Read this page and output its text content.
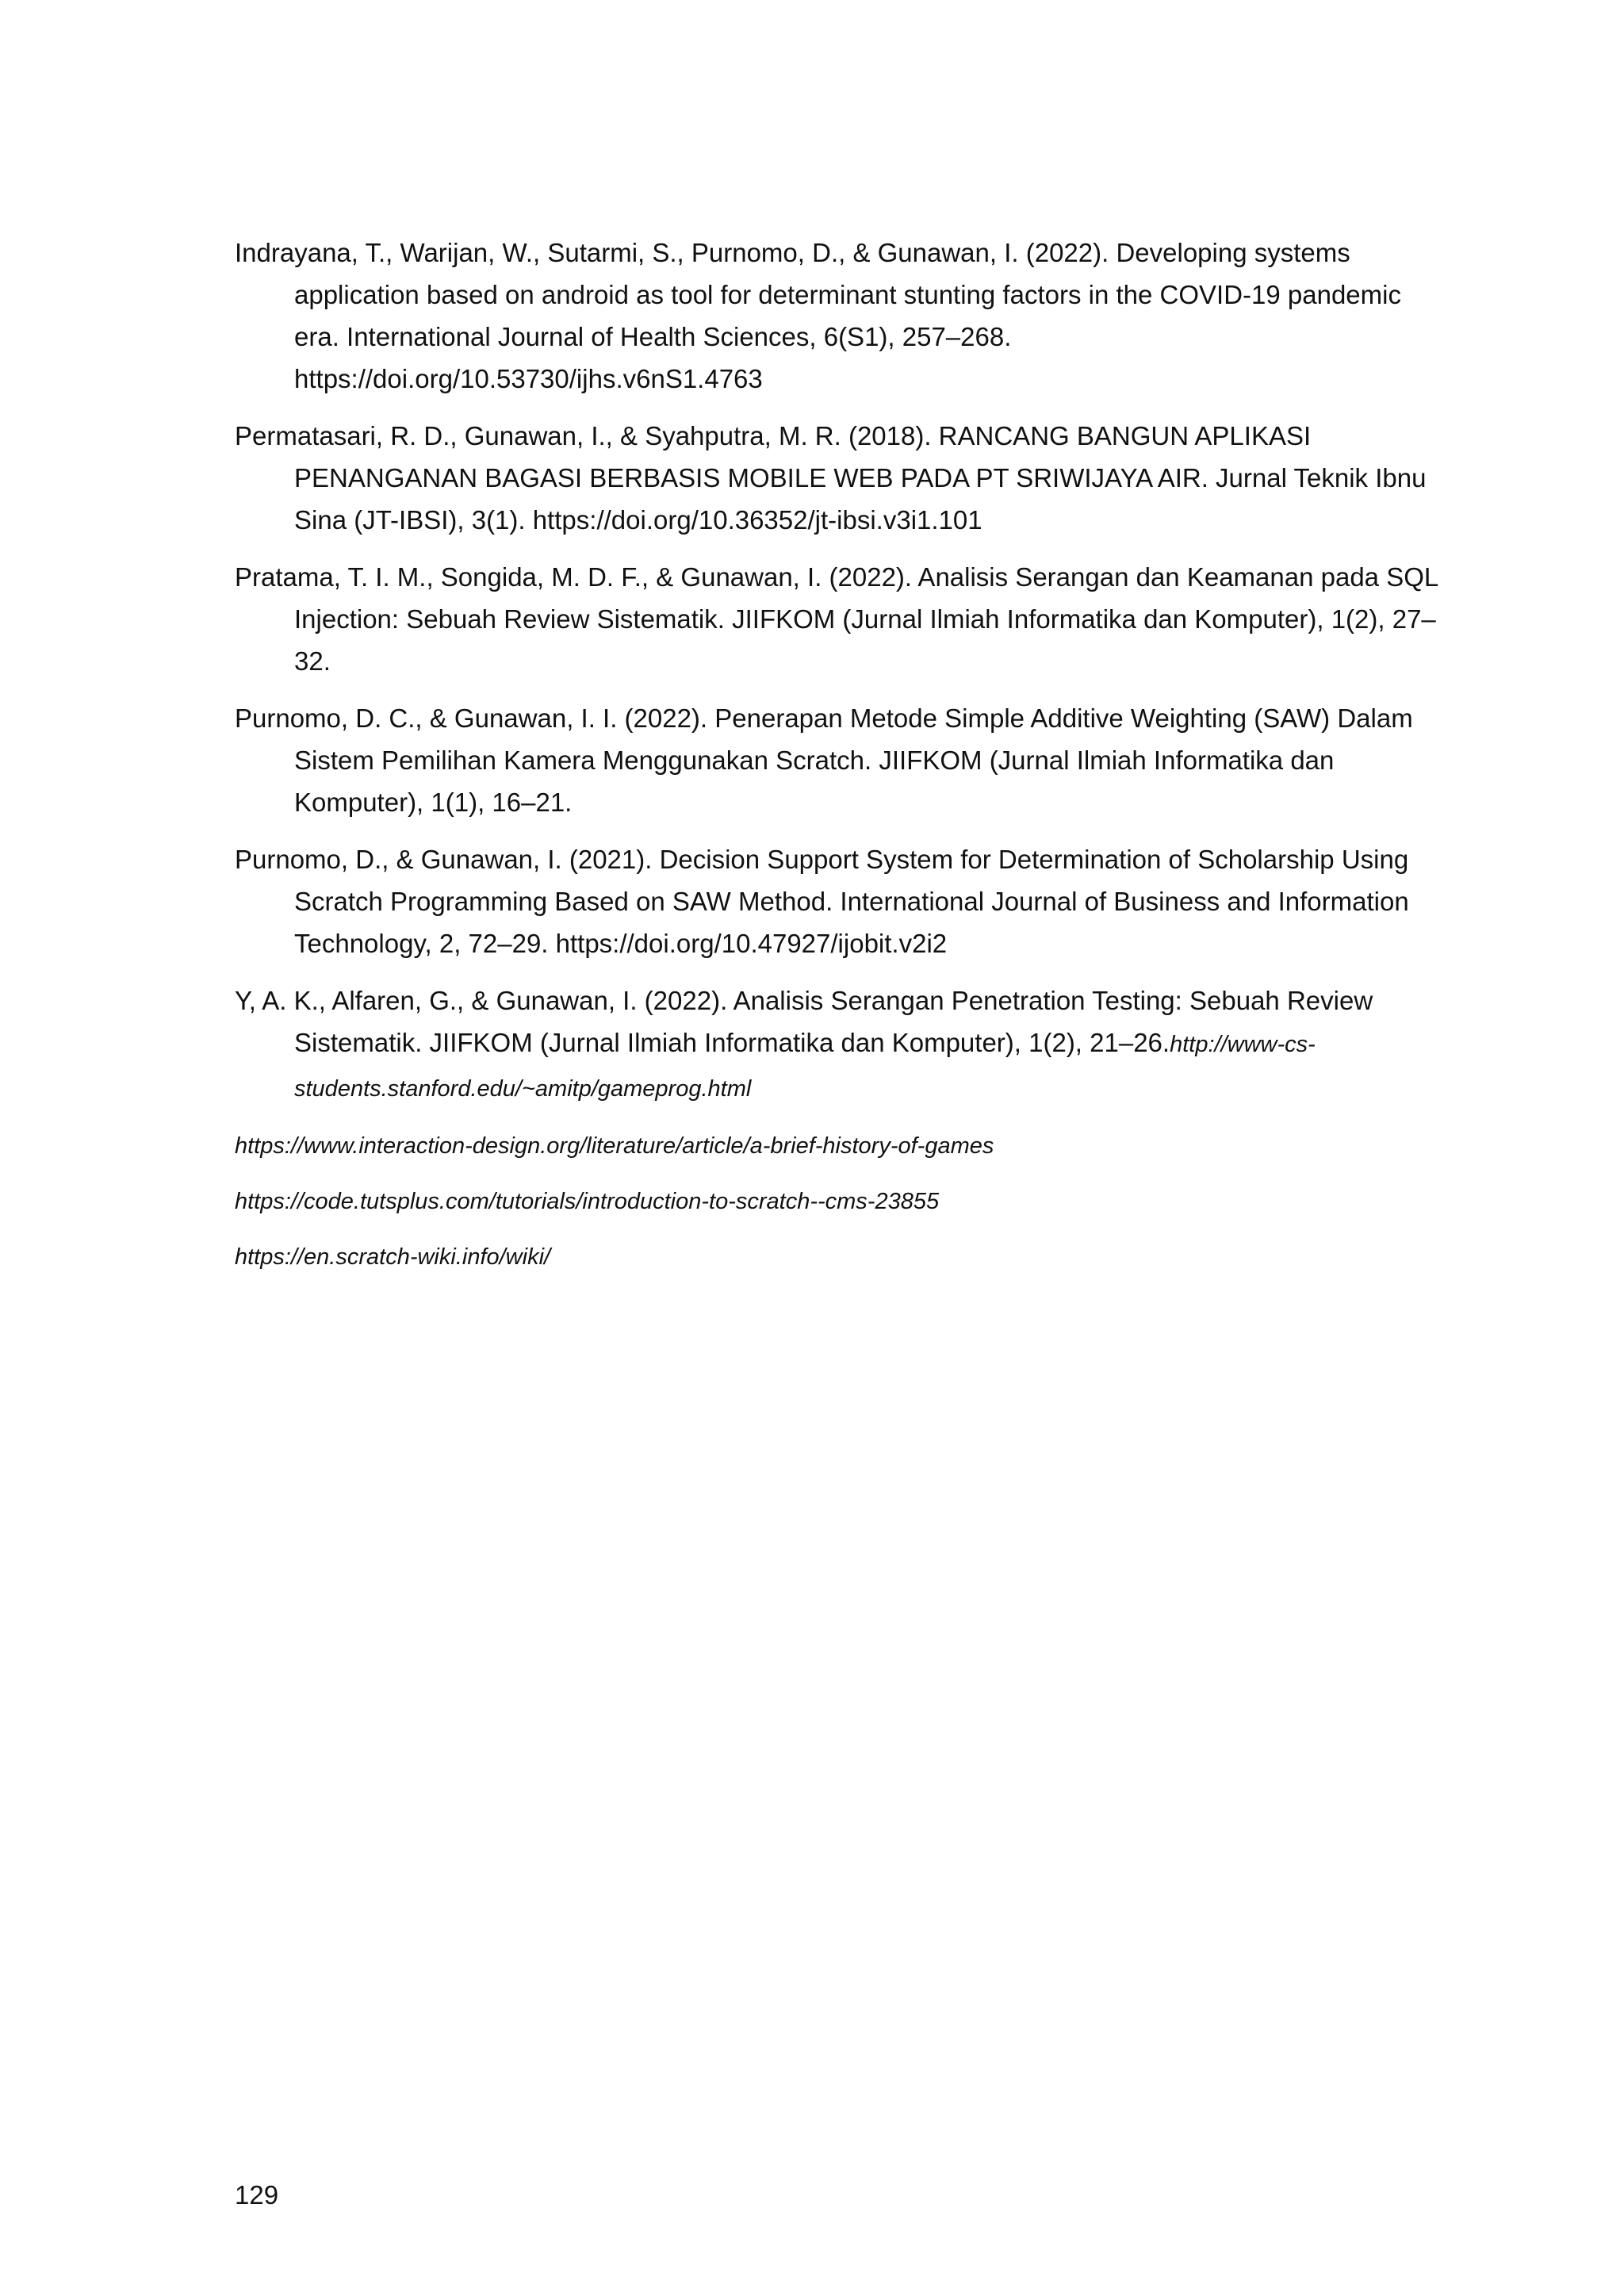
Indrayana, T., Warijan, W., Sutarmi, S., Purnomo, D., & Gunawan, I. (2022). Developing systems application based on android as tool for determinant stunting factors in the COVID-19 pandemic era. International Journal of Health Sciences, 6(S1), 257–268. https://doi.org/10.53730/ijhs.v6nS1.4763

Permatasari, R. D., Gunawan, I., & Syahputra, M. R. (2018). RANCANG BANGUN APLIKASI PENANGANAN BAGASI BERBASIS MOBILE WEB PADA PT SRIWIJAYA AIR. Jurnal Teknik Ibnu Sina (JT-IBSI), 3(1). https://doi.org/10.36352/jt-ibsi.v3i1.101

Pratama, T. I. M., Songida, M. D. F., & Gunawan, I. (2022). Analisis Serangan dan Keamanan pada SQL Injection: Sebuah Review Sistematik. JIIFKOM (Jurnal Ilmiah Informatika dan Komputer), 1(2), 27–32.

Purnomo, D. C., & Gunawan, I. I. (2022). Penerapan Metode Simple Additive Weighting (SAW) Dalam Sistem Pemilihan Kamera Menggunakan Scratch. JIIFKOM (Jurnal Ilmiah Informatika dan Komputer), 1(1), 16–21.

Purnomo, D., & Gunawan, I. (2021). Decision Support System for Determination of Scholarship Using Scratch Programming Based on SAW Method. International Journal of Business and Information Technology, 2, 72–29. https://doi.org/10.47927/ijobit.v2i2

Y, A. K., Alfaren, G., & Gunawan, I. (2022). Analisis Serangan Penetration Testing: Sebuah Review Sistematik. JIIFKOM (Jurnal Ilmiah Informatika dan Komputer), 1(2), 21–26.http://www-cs-students.stanford.edu/~amitp/gameprog.html

https://www.interaction-design.org/literature/article/a-brief-history-of-games

https://code.tutsplus.com/tutorials/introduction-to-scratch--cms-23855

https://en.scratch-wiki.info/wiki/

129
